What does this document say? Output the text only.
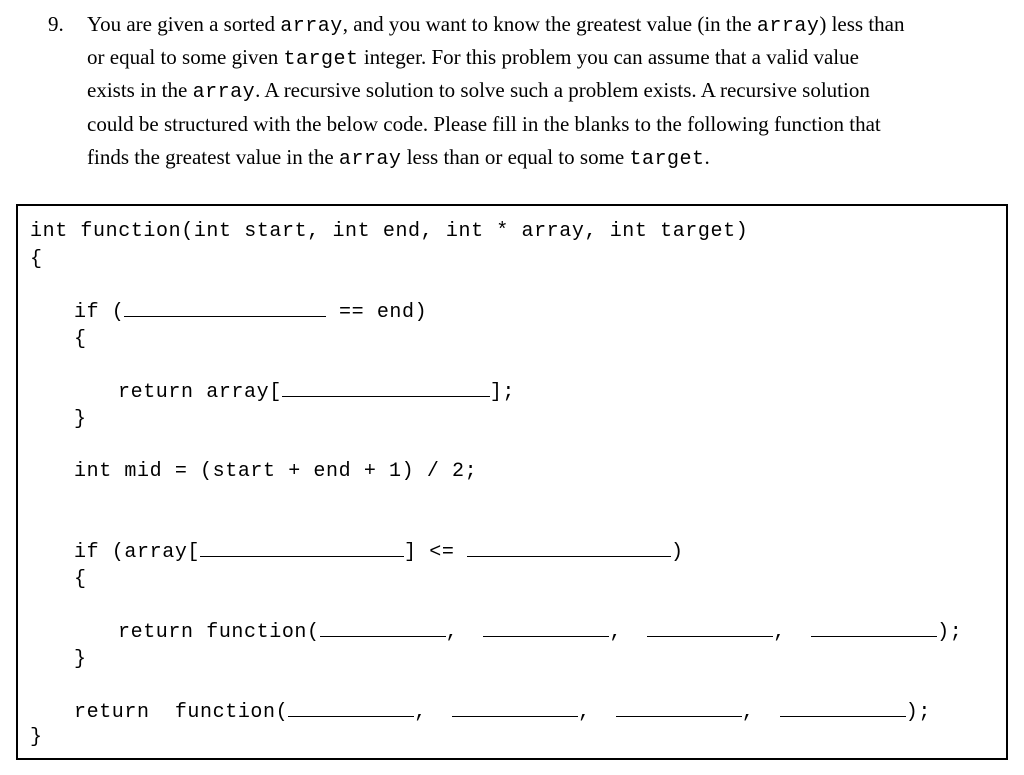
9. You are given a sorted array, and you want to know the greatest value (in the array) less than
or equal to some given target integer. For this problem you can assume that a valid value
exists in the array. A recursive solution to solve such a problem exists. A recursive solution
could be structured with the below code. Please fill in the blanks to the following function that
finds the greatest value in the array less than or equal to some target.
int function(int start, int end, int * array, int target)
{
if (	== end)
{
return array[	];
}
int mid = (start + end + 1) / 2;
if (array[	] <=	)
{
return function(	,	,	,	);
}
return  function(	,	,	,	);
}
